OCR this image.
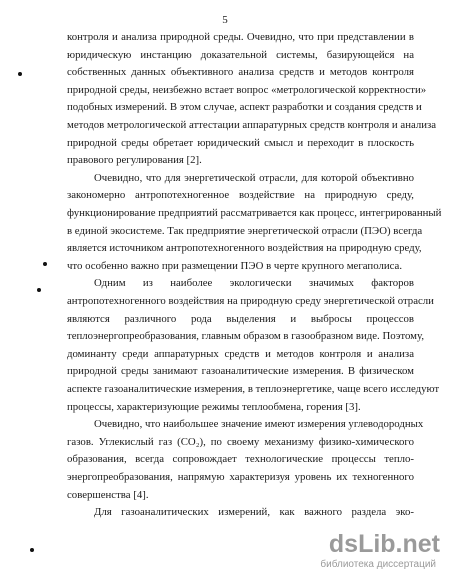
5
контроля и анализа природной среды. Очевидно, что при представлении в
юридическую инстанцию доказательной системы, базирующейся на
собственных данных объективного анализа средств и методов контроля
природной среды, неизбежно встает вопрос «метрологической корректности»
подобных измерений. В этом случае, аспект разработки и создания средств и
методов метрологической аттестации аппаратурных средств контроля и анализа
природной среды обретает юридический смысл и переходит в плоскость
правового регулирования [2].
Очевидно, что для энергетической отрасли, для которой объективно
закономерно антропотехногенное воздействие на природную среду,
функционирование предприятий рассматривается как процесс, интегрированный
в единой экосистеме. Так предприятие энергетической отрасли (ПЭО) всегда
является источником антропотехногенного воздействия на природную среду,
что особенно важно при размещении ПЭО в черте крупного мегаполиса.
Одним из наиболее экологически значимых факторов
антропотехногенного воздействия на природную среду энергетической отрасли
являются различного рода выделения и выбросы процессов
теплоэнергопреобразования, главным образом в газообразном виде. Поэтому,
доминанту среди аппаратурных средств и методов контроля и анализа
природной среды занимают газоаналитические измерения. В физическом
аспекте газоаналитические измерения, в теплоэнергетике, чаще всего исследуют
процессы, характеризующие режимы теплообмена, горения [3].
Очевидно, что наибольшее значение имеют измерения углеводородных
газов. Углекислый газ (CO₂), по своему механизму физико-химического
образования, всегда сопровождает технологические процессы тепло-
энергопреобразования, напрямую характеризуя уровень их техногенного
совершенства [4].
Для газоаналитических измерений, как важного раздела эко-
dsLib.net
библиотека диссертаций
